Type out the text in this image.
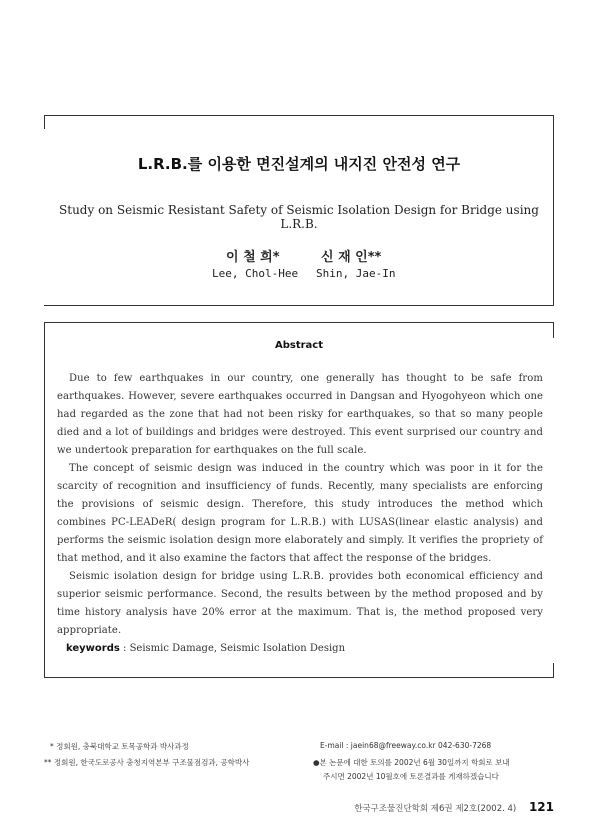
L.R.B.를 이용한 면진설계의 내지진 안전성 연구
Study on Seismic Resistant Safety of Seismic Isolation Design for Bridge using L.R.B.
이 철 희*	신 재 인**
Lee, Chol-Hee Shin, Jae-In
Abstract

Due to few earthquakes in our country, one generally has thought to be safe from earthquakes. However, severe earthquakes occurred in Dangsan and Hyogohyeon which one had regarded as the zone that had not been risky for earthquakes, so that so many people died and a lot of buildings and bridges were destroyed. This event surprised our country and we undertook preparation for earthquakes on the full scale.

The concept of seismic design was induced in the country which was poor in it for the scarcity of recognition and insufficiency of funds. Recently, many specialists are enforcing the provisions of seismic design. Therefore, this study introduces the method which combines PC-LEADeR( design program for L.R.B.) with LUSAS(linear elastic analysis) and performs the seismic isolation design more elaborately and simply. It verifies the propriety of that method, and it also examine the factors that affect the response of the bridges.

Seismic isolation design for bridge using L.R.B. provides both economical efficiency and superior seismic performance. Second, the results between by the method proposed and by time history analysis have 20% error at the maximum. That is, the method proposed very appropriate.

keywords : Seismic Damage, Seismic Isolation Design
* 정회원, 충북대학교 토목공학과 박사과정
** 정회원, 한국도로공사 충청지역본부 구조물점검과, 공학박사
E-mail : jaein68@freeway.co.kr 042-630-7268
●본 논문에 대한 토의를 2002년 6월 30일까지 학회로 보내
주시면 2002년 10월호에 토론결과를 게재하겠습니다
한국구조물진단학회 제6권 제2호(2002. 4) 121
